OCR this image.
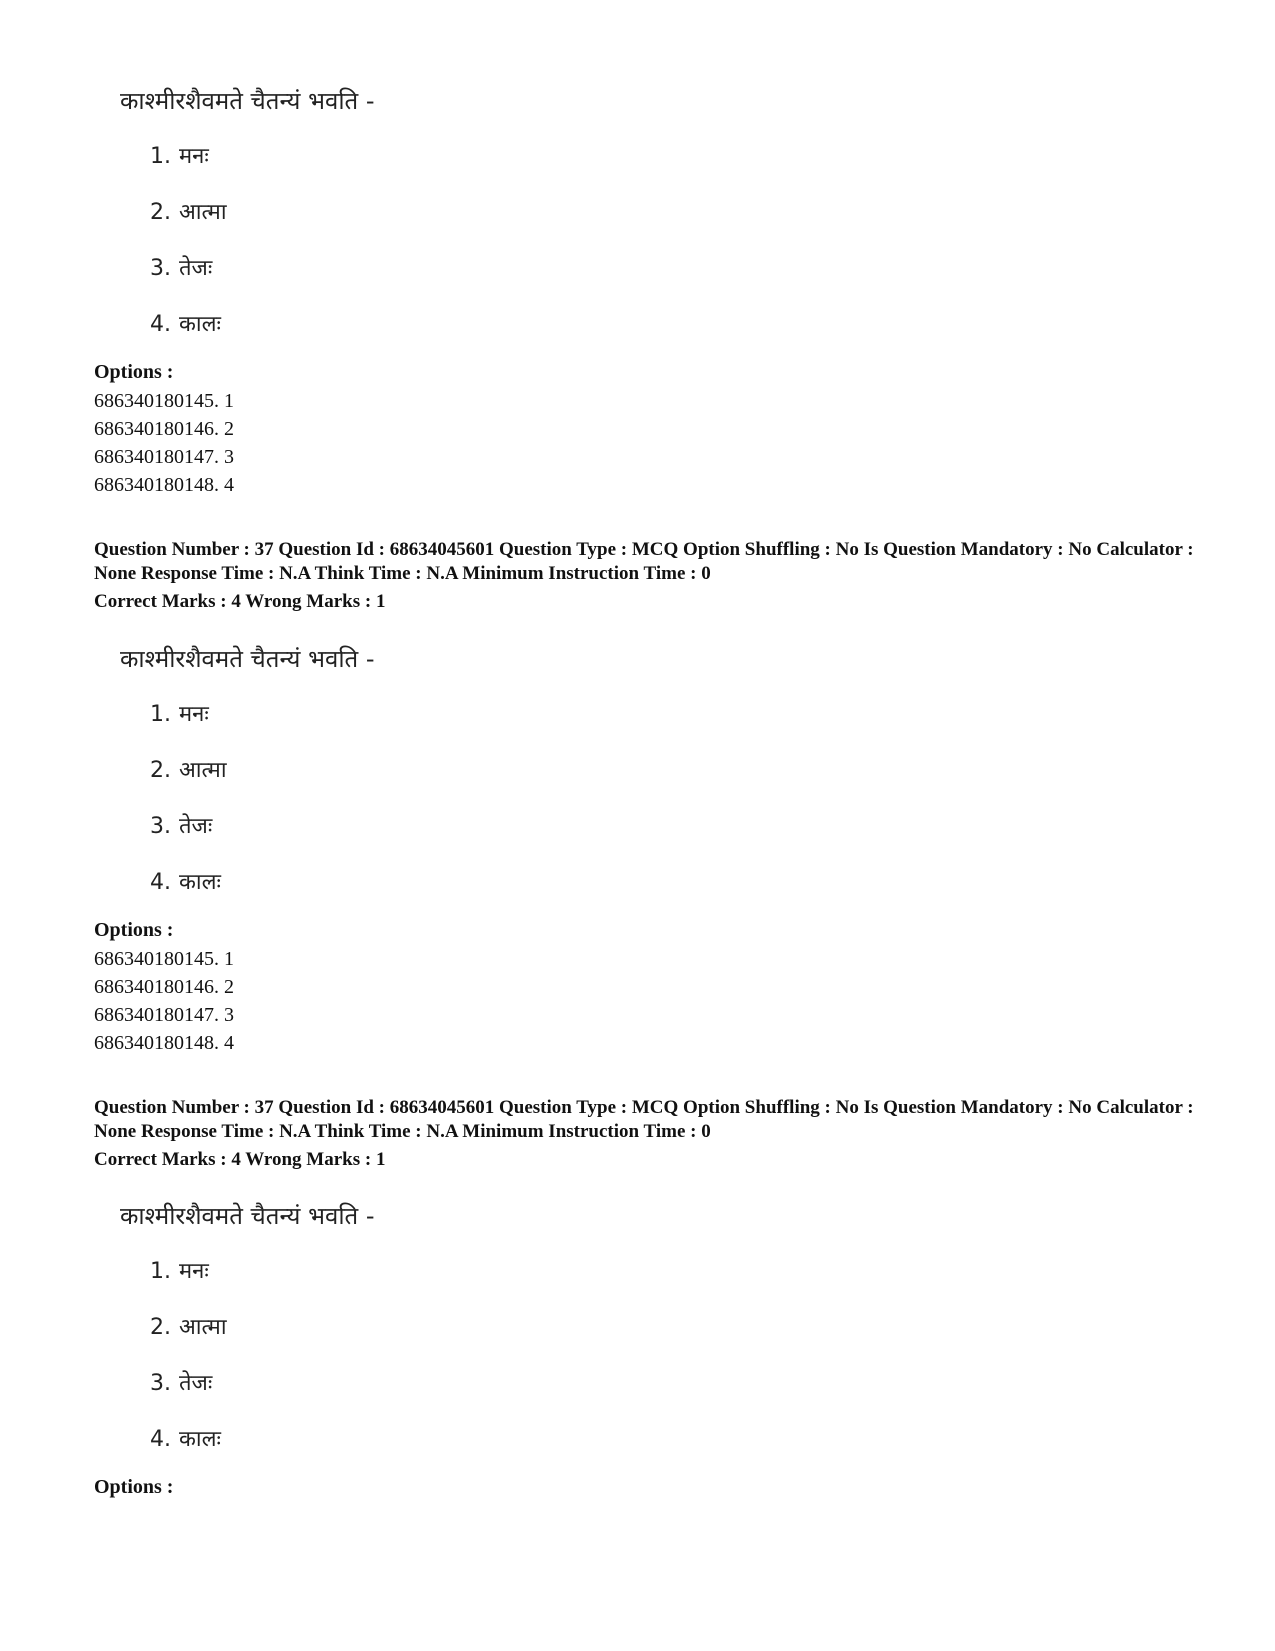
काश्मीरशैवमते चैतन्यं भवति -
1. मनः
2. आत्मा
3. तेजः
4. कालः
Options :
686340180145. 1
686340180146. 2
686340180147. 3
686340180148. 4
Question Number : 37 Question Id : 68634045601 Question Type : MCQ Option Shuffling : No Is Question Mandatory : No Calculator : None Response Time : N.A Think Time : N.A Minimum Instruction Time : 0
Correct Marks : 4 Wrong Marks : 1
काश्मीरशैवमते चैतन्यं भवति -
1. मनः
2. आत्मा
3. तेजः
4. कालः
Options :
686340180145. 1
686340180146. 2
686340180147. 3
686340180148. 4
Question Number : 37 Question Id : 68634045601 Question Type : MCQ Option Shuffling : No Is Question Mandatory : No Calculator : None Response Time : N.A Think Time : N.A Minimum Instruction Time : 0
Correct Marks : 4 Wrong Marks : 1
काश्मीरशैवमते चैतन्यं भवति -
1. मनः
2. आत्मा
3. तेजः
4. कालः
Options :
